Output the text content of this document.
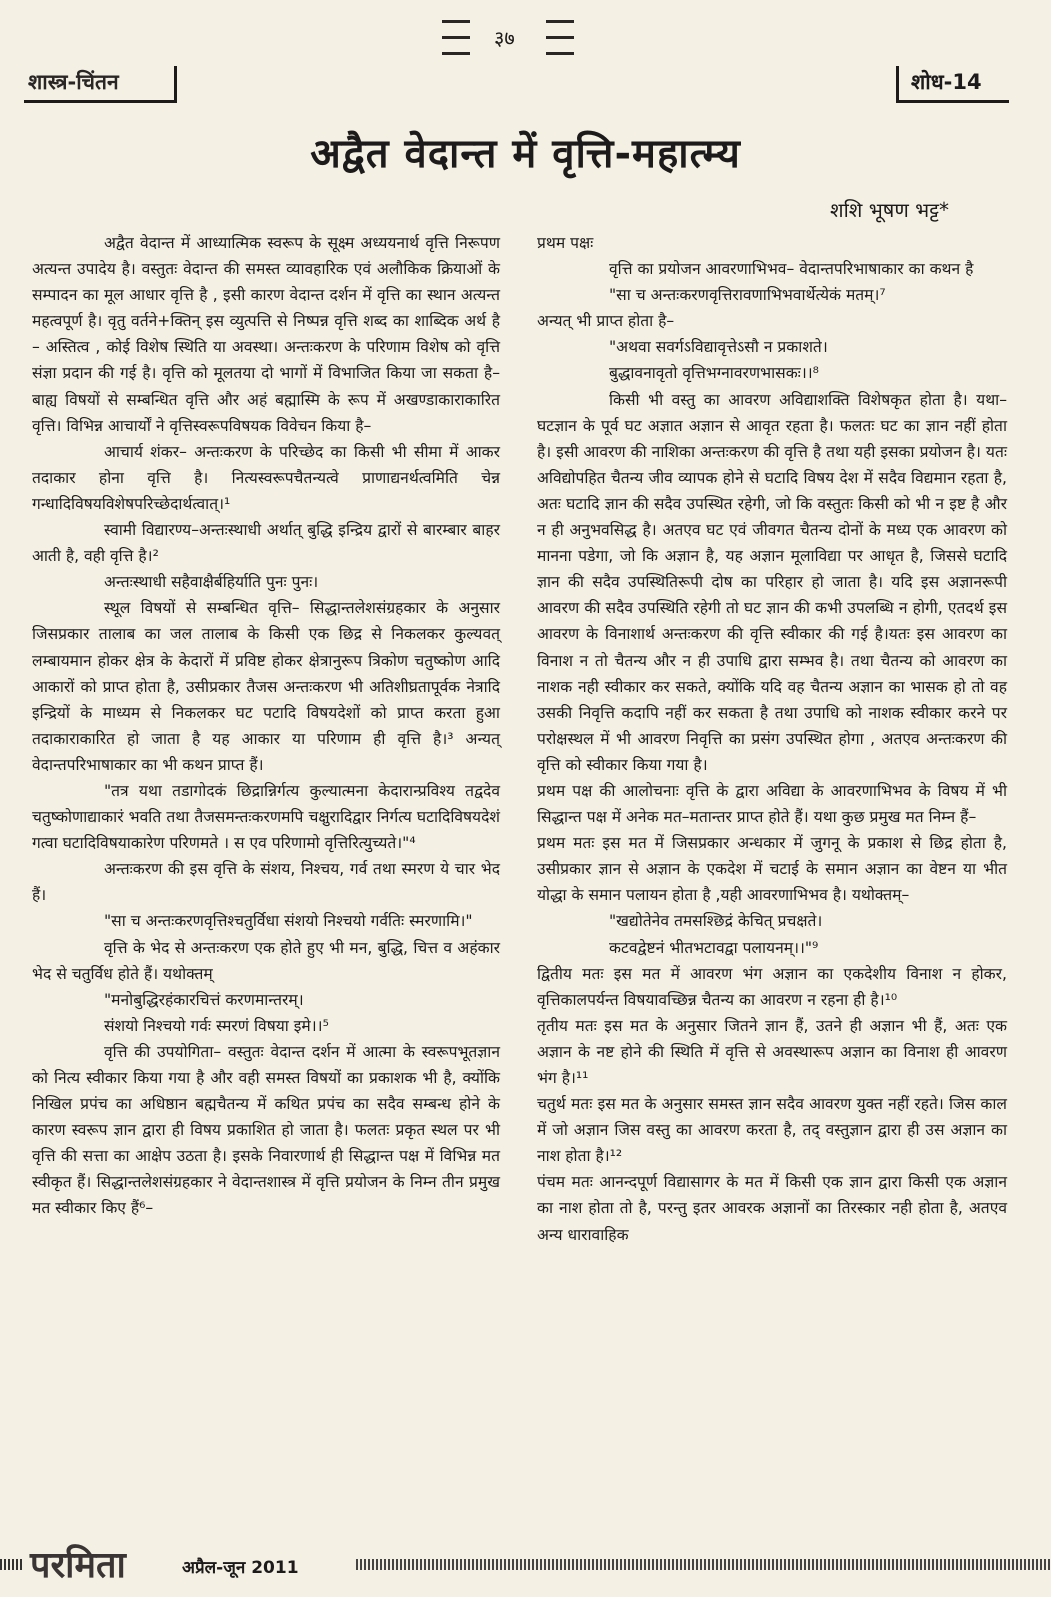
३७
शास्त्र-चिंतन	शोध-14
अद्वैत वेदान्त में वृत्ति-महात्म्य
शशि भूषण भट्ट*

अद्वैत वेदान्त में आध्यात्मिक स्वरूप के सूक्ष्म अध्ययनार्थ वृत्ति निरूपण अत्यन्त उपादेय है। वस्तुतः वेदान्त की समस्त व्यावहारिक एवं अलौकिक क्रियाओं के सम्पादन का मूल आधार वृत्ति है , इसी कारण वेदान्त दर्शन में वृत्ति का स्थान अत्यन्त महत्वपूर्ण है। वृतु वर्तने+क्तिन् इस व्युत्पत्ति से निष्पन्न वृत्ति शब्द का शाब्दिक अर्थ है – अस्तित्व , कोई विशेष स्थिति या अवस्था। अन्तःकरण के परिणाम विशेष को वृत्ति संज्ञा प्रदान की गई है। वृत्ति को मूलतया दो भागों में विभाजित किया जा सकता है– बाह्य विषयों से सम्बन्धित वृत्ति और अहं बह्मास्मि के रूप में अखण्डाकाराकारित वृत्ति। विभिन्न आचार्यों ने वृत्तिस्वरूपविषयक विवेचन किया है–

आचार्य शंकर– अन्तःकरण के परिच्छेद का किसी भी सीमा में आकर तदाकार होना वृत्ति है। नित्यस्वरूपचैतन्यत्वे प्राणाद्यनर्थत्वमिति चेन्न गन्धादिविषयविशेषपरिच्छेदार्थत्वात्।¹

स्वामी विद्यारण्य–अन्तःस्थाधी अर्थात् बुद्धि इन्द्रिय द्वारों से बारम्बार बाहर आती है, वही वृत्ति है।²

अन्तःस्थाधी सहैवाक्षैर्बहिर्याति पुनः पुनः।

स्थूल विषयों से सम्बन्धित वृत्ति– सिद्धान्तलेशसंग्रहकार के अनुसार जिसप्रकार तालाब का जल तालाब के किसी एक छिद्र से निकलकर कुल्यवत् लम्बायमान होकर क्षेत्र के केदारों में प्रविष्ट होकर क्षेत्रानुरूप त्रिकोण चतुष्कोण आदि आकारों को प्राप्त होता है, उसीप्रकार तैजस अन्तःकरण भी अतिशीघ्रतापूर्वक नेत्रादि इन्द्रियों के माध्यम से निकलकर घट पटादि विषयदेशों को प्राप्त करता हुआ तदाकाराकारित हो जाता है यह आकार या परिणाम ही वृत्ति है।³ अन्यत् वेदान्तपरिभाषाकार का भी कथन प्राप्त हैं।

"तत्र यथा तडागोदकं छिद्रान्निर्गत्य कुल्यात्मना केदारान्प्रविश्य तद्वदेव चतुष्कोणाद्याकारं भवति तथा तैजसमन्तःकरणमपि चक्षुरादिद्वार निर्गत्य घटादिविषयदेशं गत्वा घटादिविषयाकारेण परिणमते । स एव परिणामो वृत्तिरित्युच्यते।"⁴

अन्तःकरण की इस वृत्ति के संशय, निश्चय, गर्व तथा स्मरण ये चार भेद हैं।

"सा च अन्तःकरणवृत्तिश्चतुर्विधा संशयो निश्चयो गर्वतिः स्मरणामि।"

वृत्ति के भेद से अन्तःकरण एक होते हुए भी मन, बुद्धि, चित्त व अहंकार भेद से चतुर्विध होते हैं। यथोक्तम्

"मनोबुद्धिरहंकारचित्तं करणमान्तरम्।

संशयो निश्चयो गर्वः स्मरणं विषया इमे।।⁵

वृत्ति की उपयोगिता– वस्तुतः वेदान्त दर्शन में आत्मा के स्वरूपभूतज्ञान को नित्य स्वीकार किया गया है और वही समस्त विषयों का प्रकाशक भी है, क्योंकि निखिल प्रपंच का अधिष्ठान बह्मचैतन्य में कथित प्रपंच का सदैव सम्बन्ध होने के कारण स्वरूप ज्ञान द्वारा ही विषय प्रकाशित हो जाता है। फलतः प्रकृत स्थल पर भी वृत्ति की सत्ता का आक्षेप उठता है। इसके निवारणार्थ ही सिद्धान्त पक्ष में विभिन्न मत स्वीकृत हैं। सिद्धान्तलेशसंग्रहकार ने वेदान्तशास्त्र में वृत्ति प्रयोजन के निम्न तीन प्रमुख मत स्वीकार किए हैं⁶–

प्रथम पक्षः

वृत्ति का प्रयोजन आवरणाभिभव– वेदान्तपरिभाषाकार का कथन है

"सा च अन्तःकरणवृत्तिरावणाभिभवार्थेत्येकं मतम्।⁷

अन्यत् भी प्राप्त होता है–

"अथवा सवर्गऽविद्यावृत्तेऽसौ न प्रकाशते।

बुद्धावनावृतो वृत्तिभग्नावरणभासकः।।⁸

किसी भी वस्तु का आवरण अविद्याशक्ति विशेषकृत होता है। यथा– घटज्ञान के पूर्व घट अज्ञात अज्ञान से आवृत रहता है। फलतः घट का ज्ञान नहीं होता है। इसी आवरण की नाशिका अन्तःकरण की वृत्ति है तथा यही इसका प्रयोजन है। यतः अविद्योपहित चैतन्य जीव व्यापक होने से घटादि विषय देश में सदैव विद्यमान रहता है, अतः घटादि ज्ञान की सदैव उपस्थित रहेगी, जो कि वस्तुतः किसी को भी न इष्ट है और न ही अनुभवसिद्ध है। अतएव घट एवं जीवगत चैतन्य दोनों के मध्य एक आवरण को मानना पडेगा, जो कि अज्ञान है, यह अज्ञान मूलाविद्या पर आधृत है, जिससे घटादि ज्ञान की सदैव उपस्थितिरूपी दोष का परिहार हो जाता है। यदि इस अज्ञानरूपी आवरण की सदैव उपस्थिति रहेगी तो घट ज्ञान की कभी उपलब्धि न होगी, एतदर्थ इस आवरण के विनाशार्थ अन्तःकरण की वृत्ति स्वीकार की गई है।यतः इस आवरण का विनाश न तो चैतन्य और न ही उपाधि द्वारा सम्भव है। तथा चैतन्य को आवरण का नाशक नही स्वीकार कर सकते, क्योंकि यदि वह चैतन्य अज्ञान का भासक हो तो वह उसकी निवृत्ति कदापि नहीं कर सकता है तथा उपाधि को नाशक स्वीकार करने पर परोक्षस्थल में भी आवरण निवृत्ति का प्रसंग उपस्थित होगा , अतएव अन्तःकरण की वृत्ति को स्वीकार किया गया है।

प्रथम पक्ष की आलोचनाः वृत्ति के द्वारा अविद्या के आवरणाभिभव के विषय में भी सिद्धान्त पक्ष में अनेक मत–मतान्तर प्राप्त होते हैं। यथा कुछ प्रमुख मत निम्न हैं–

प्रथम मतः इस मत में जिसप्रकार अन्धकार में जुगनू के प्रकाश से छिद्र होता है, उसीप्रकार ज्ञान से अज्ञान के एकदेश में चटाई के समान अज्ञान का वेष्टन या भीत योद्धा के समान पलायन होता है ,यही आवरणाभिभव है। यथोक्तम्–

"खद्योतेनेव तमसश्छिद्रं केचित् प्रचक्षते।

कटवद्वेष्टनं भीतभटावद्वा पलायनम्।।"⁹

द्वितीय मतः इस मत में आवरण भंग अज्ञान का एकदेशीय विनाश न होकर, वृत्तिकालपर्यन्त विषयावच्छिन्न चैतन्य का आवरण न रहना ही है।¹⁰

तृतीय मतः इस मत के अनुसार जितने ज्ञान हैं, उतने ही अज्ञान भी हैं, अतः एक अज्ञान के नष्ट होने की स्थिति में वृत्ति से अवस्थारूप अज्ञान का विनाश ही आवरण भंग है।¹¹

चतुर्थ मतः इस मत के अनुसार समस्त ज्ञान सदैव आवरण युक्त नहीं रहते। जिस काल में जो अज्ञान जिस वस्तु का आवरण करता है, तद् वस्तुज्ञान द्वारा ही उस अज्ञान का नाश होता है।¹²

पंचम मतः आनन्दपूर्ण विद्यासागर के मत में किसी एक ज्ञान द्वारा किसी एक अज्ञान का नाश होता तो है, परन्तु इतर आवरक अज्ञानों का तिरस्कार नही होता है, अतएव अन्य धारावाहिक

परमिता	अप्रैल-जून 2011
